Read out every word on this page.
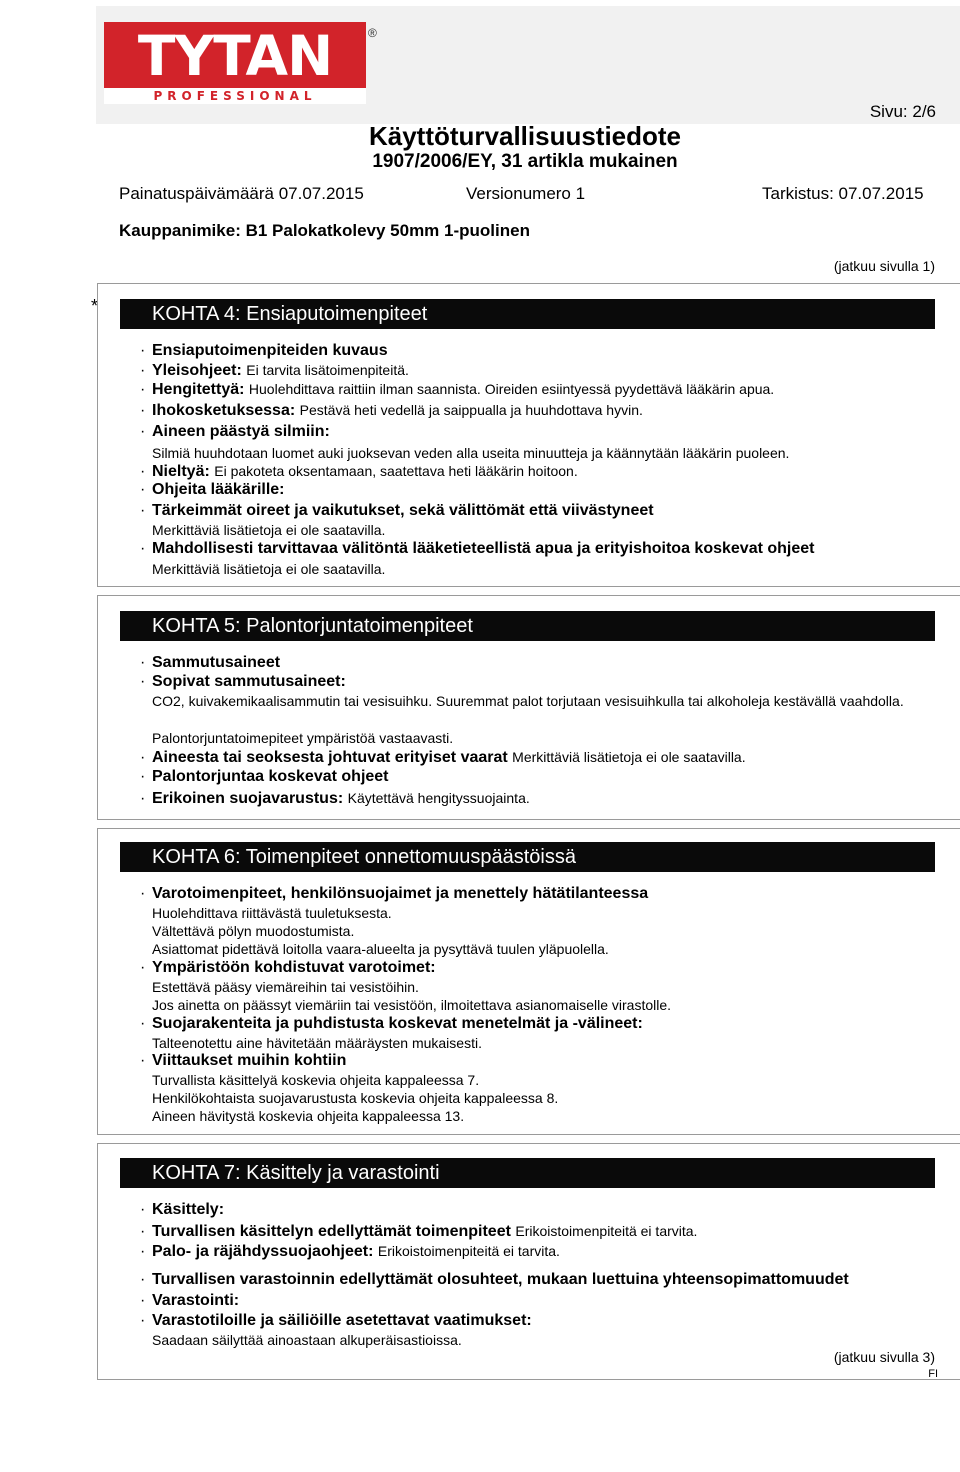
TYTAN
PROFESSIONAL
®
Sivu: 2/6
Käyttöturvallisuustiedote
1907/2006/EY, 31 artikla mukainen
Painatuspäivämäärä 07.07.2015	Versionumero 1	Tarkistus: 07.07.2015
Kauppanimike: B1 Palokatkolevy 50mm 1-puolinen
(jatkuu sivulla 1)
*	KOHTA 4: Ensiaputoimenpiteet
· Ensiaputoimenpiteiden kuvaus
· Yleisohjeet: Ei tarvita lisätoimenpiteitä.
· Hengitettyä: Huolehdittava raittiin ilman saannista. Oireiden esiintyessä pyydettävä lääkärin apua.
· Ihokosketuksessa: Pestävä heti vedellä ja saippualla ja huuhdottava hyvin.
· Aineen päästyä silmiin:
Silmiä huuhdotaan luomet auki juoksevan veden alla useita minuutteja ja käännytään lääkärin puoleen.
· Nieltyä: Ei pakoteta oksentamaan, saatettava heti lääkärin hoitoon.
· Ohjeita lääkärille:
· Tärkeimmät oireet ja vaikutukset, sekä välittömät että viivästyneet
Merkittäviä lisätietoja ei ole saatavilla.
· Mahdollisesti tarvittavaa välitöntä lääketieteellistä apua ja erityishoitoa koskevat ohjeet
Merkittäviä lisätietoja ei ole saatavilla.
KOHTA 5: Palontorjuntatoimenpiteet
· Sammutusaineet
· Sopivat sammutusaineet:
CO2, kuivakemikaalisammutin tai vesisuihku. Suuremmat palot torjutaan vesisuihkulla tai alkoholeja kestävällä vaahdolla.
Palontorjuntatoimepiteet ympäristöä vastaavasti.
· Aineesta tai seoksesta johtuvat erityiset vaarat Merkittäviä lisätietoja ei ole saatavilla.
· Palontorjuntaa koskevat ohjeet
· Erikoinen suojavarustus: Käytettävä hengityssuojainta.
KOHTA 6: Toimenpiteet onnettomuuspäästöissä
· Varotoimenpiteet, henkilönsuojaimet ja menettely hätätilanteessa
Huolehdittava riittävästä tuuletuksesta.
Vältettävä pölyn muodostumista.
Asiattomat pidettävä loitolla vaara-alueelta ja pysyttävä tuulen yläpuolella.
· Ympäristöön kohdistuvat varotoimet:
Estettävä pääsy viemäreihin tai vesistöihin.
Jos ainetta on päässyt viemäriin tai vesistöön, ilmoitettava asianomaiselle virastolle.
· Suojarakenteita ja puhdistusta koskevat menetelmät ja -välineet:
Talteenotettu aine hävitetään määräysten mukaisesti.
· Viittaukset muihin kohtiin
Turvallista käsittelyä koskevia ohjeita kappaleessa 7.
Henkilökohtaista suojavarustusta koskevia ohjeita kappaleessa 8.
Aineen hävitystä koskevia ohjeita kappaleessa 13.
KOHTA 7: Käsittely ja varastointi
· Käsittely:
· Turvallisen käsittelyn edellyttämät toimenpiteet Erikoistoimenpiteitä ei tarvita.
· Palo- ja räjähdyssuojaohjeet: Erikoistoimenpiteitä ei tarvita.
· Turvallisen varastoinnin edellyttämät olosuhteet, mukaan luettuina yhteensopimattomuudet
· Varastointi:
· Varastotiloille ja säiliöille asetettavat vaatimukset:
Saadaan säilyttää ainoastaan alkuperäisastioissa.
(jatkuu sivulla 3)
FI
